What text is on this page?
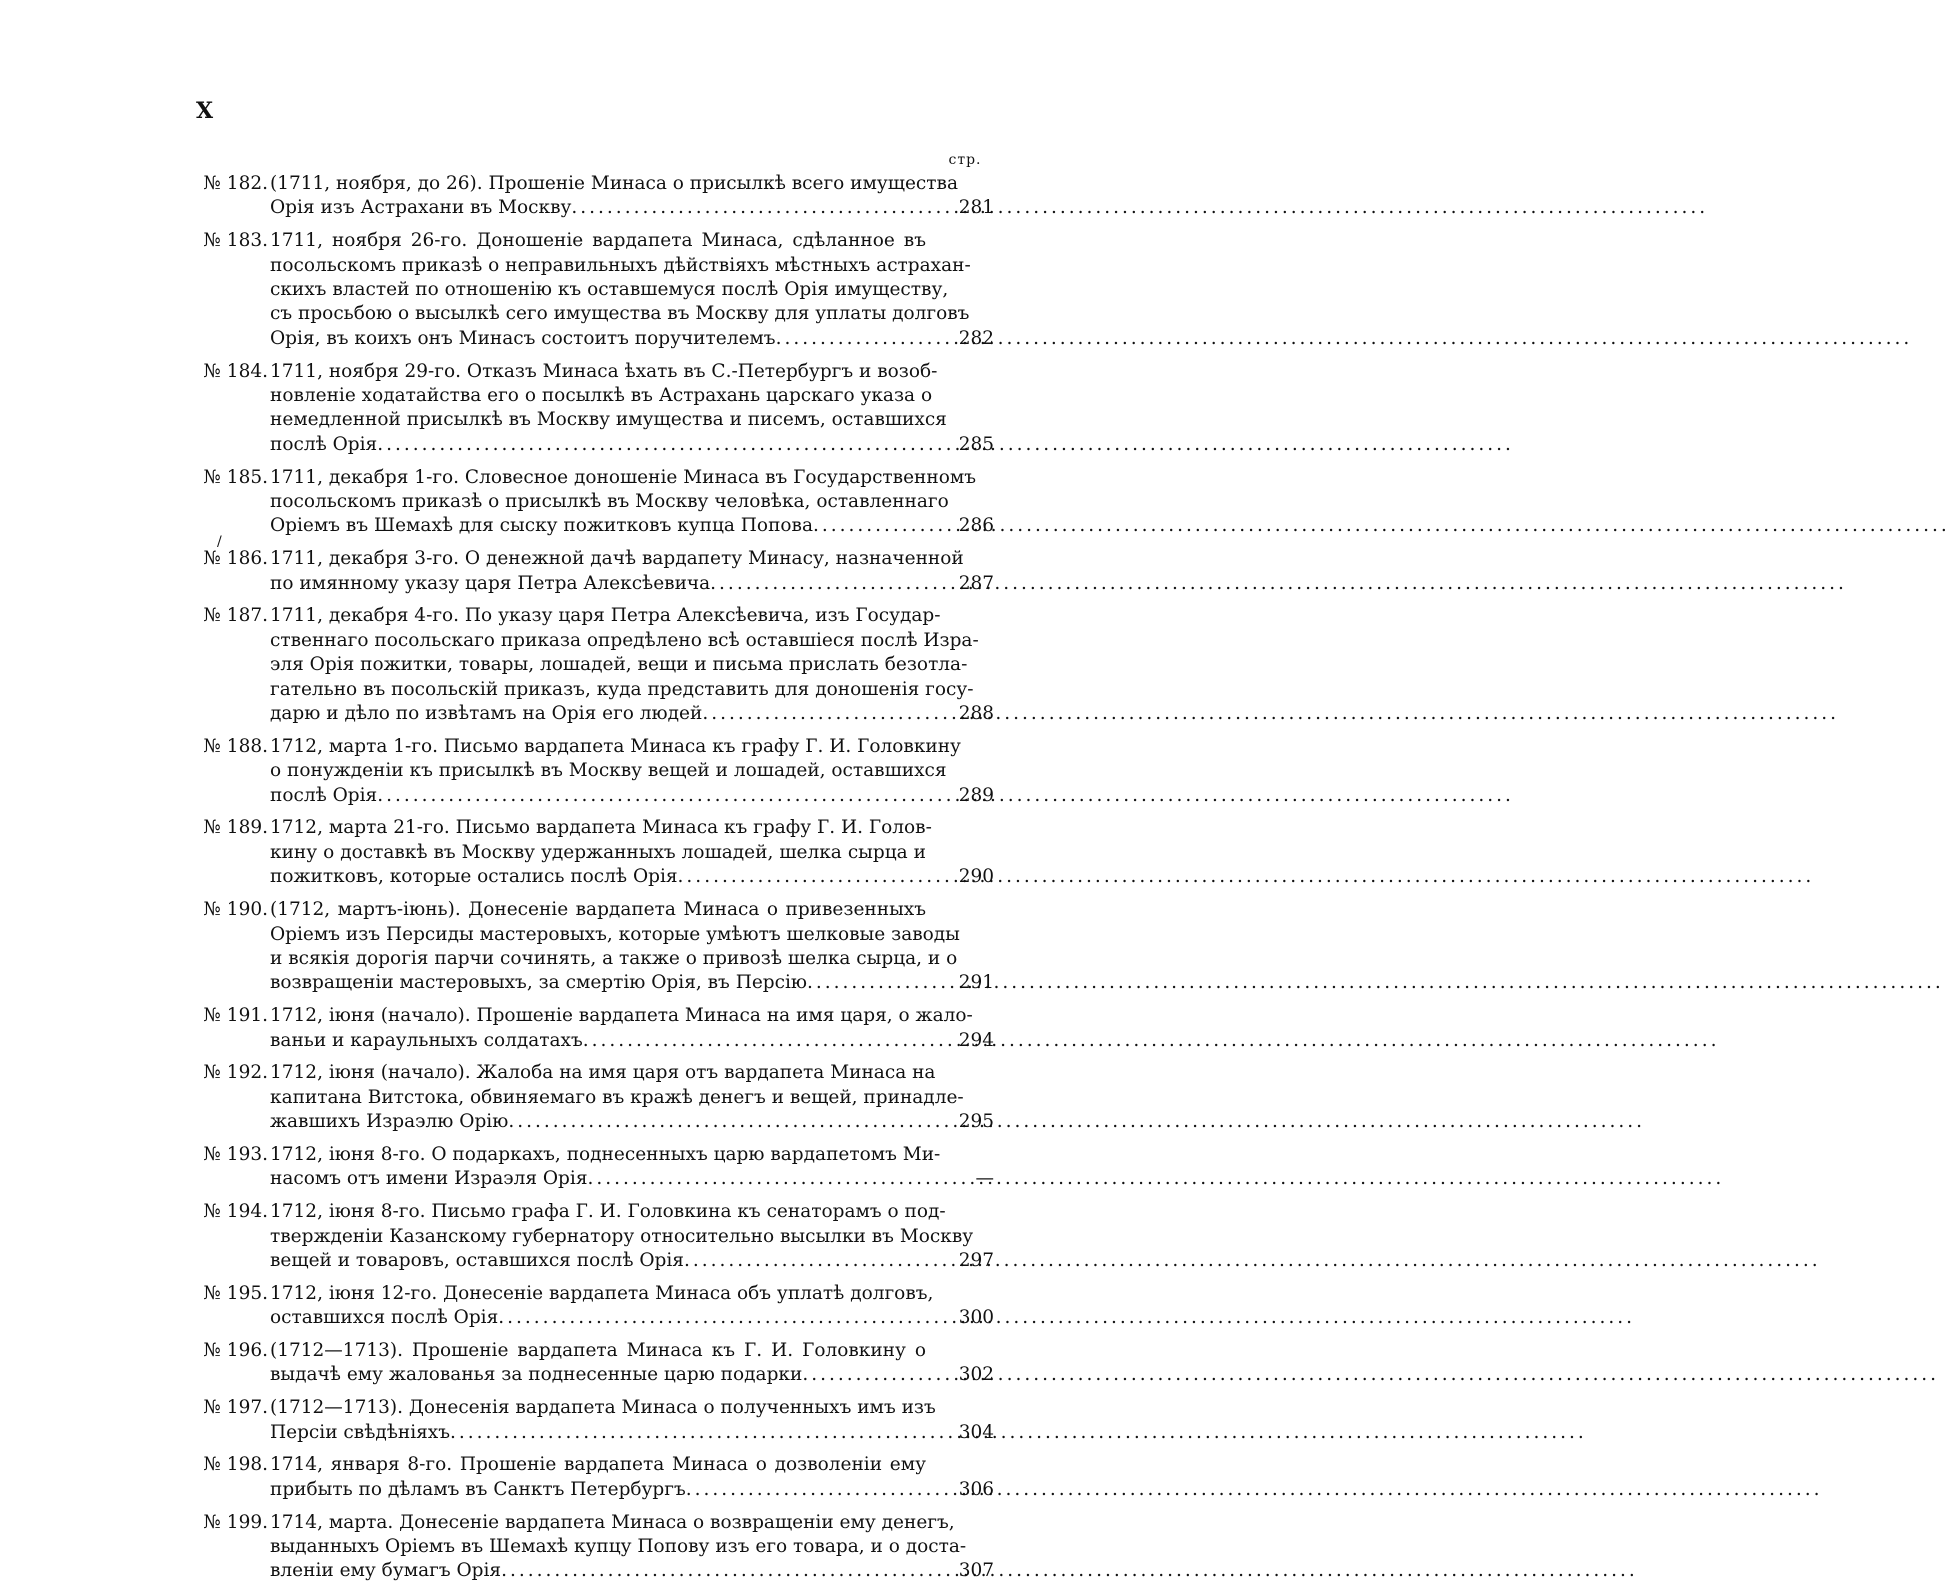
X
стр.
/
№ 182. (1711, ноября, до 26). Прошеніе Минаса о присылкѣ всего имущества
Орія изъ Астрахани въ Москву .....	281
№ 183. 1711, ноября 26-го. Доношеніе вардапета Минаса, сдѣланное въ
посольскомъ приказѣ о неправильныхъ дѣйствіяхъ мѣстныхъ астрахан-
скихъ властей по отношенію къ оставшемуся послѣ Орія имуществу,
съ просьбою о высылкѣ сего имущества въ Москву для уплаты долговъ
Орія, въ коихъ онъ Минасъ состоитъ поручителемъ .....	282
№ 184. 1711, ноября 29-го. Отказъ Минаса ѣхать въ С.-Петербургъ и возоб-
новленіе ходатайства его о посылкѣ въ Астрахань царскаго указа о
немедленной присылкѣ въ Москву имущества и писемъ, оставшихся
послѣ Орія .....	285
№ 185. 1711, декабря 1-го. Словесное доношеніе Минаса въ Государственномъ
посольскомъ приказѣ о присылкѣ въ Москву человѣка, оставленнаго
Оріемъ въ Шемахѣ для сыску пожитковъ купца Попова .....	286
№ 186. 1711, декабря 3-го. О денежной дачѣ вардапету Минасу, назначенной
по имянному указу царя Петра Алексѣевича .....	287
№ 187. 1711, декабря 4-го. По указу царя Петра Алексѣевича, изъ Государ-
ственнаго посольскаго приказа опредѣлено всѣ оставшіеся послѣ Изра-
эля Орія пожитки, товары, лошадей, вещи и письма прислать безотла-
гательно въ посольскій приказъ, куда представить для доношенія госу-
дарю и дѣло по извѣтамъ на Орія его людей .....	288
№ 188. 1712, марта 1-го. Письмо вардапета Минаса къ графу Г. И. Головкину
о понужденіи къ присылкѣ въ Москву вещей и лошадей, оставшихся
послѣ Орія .....	289
№ 189. 1712, марта 21-го. Письмо вардапета Минаса къ графу Г. И. Голов-
кину о доставкѣ въ Москву удержанныхъ лошадей, шелка сырца и
пожитковъ, которые остались послѣ Орія .....	290
№ 190. (1712, мартъ-іюнь). Донесеніе вардапета Минаса о привезенныхъ
Оріемъ изъ Персиды мастеровыхъ, которые умѣютъ шелковые заводы
и всякія дорогія парчи сочинять, а также о привозѣ шелка сырца, и о
возвращеніи мастеровыхъ, за смертію Орія, въ Персію .....	291
№ 191. 1712, іюня (начало). Прошеніе вардапета Минаса на имя царя, о жало-
ваньи и караульныхъ солдатахъ .....	294
№ 192. 1712, іюня (начало). Жалоба на имя царя отъ вардапета Минаса на
капитана Витстока, обвиняемаго въ кражѣ денегъ и вещей, принадле-
жавшихъ Израэлю Орію .....	295
№ 193. 1712, іюня 8-го. О подаркахъ, поднесенныхъ царю вардапетомъ Ми-
насомъ отъ имени Израэля Орія .....	—
№ 194. 1712, іюня 8-го. Письмо графа Г. И. Головкина къ сенаторамъ о под-
твержденіи Казанскому губернатору относительно высылки въ Москву
вещей и товаровъ, оставшихся послѣ Орія .....	297
№ 195. 1712, іюня 12-го. Донесеніе вардапета Минаса объ уплатѣ долговъ,
оставшихся послѣ Орія .....	300
№ 196. (1712—1713). Прошеніе вардапета Минаса къ Г. И. Головкину о
выдачѣ ему жалованья за поднесенные царю подарки .....	302
№ 197. (1712—1713). Донесенія вардапета Минаса о полученныхъ имъ изъ
Персіи свѣдѣніяхъ .....	304
№ 198. 1714, января 8-го. Прошеніе вардапета Минаса о дозволеніи ему
прибыть по дѣламъ въ Санктъ Петербургъ .....	306
№ 199. 1714, марта. Донесеніе вардапета Минаса о возвращеніи ему денегъ,
выданныхъ Оріемъ въ Шемахѣ купцу Попову изъ его товара, и о доста-
вленіи ему бумагъ Орія .....	307
